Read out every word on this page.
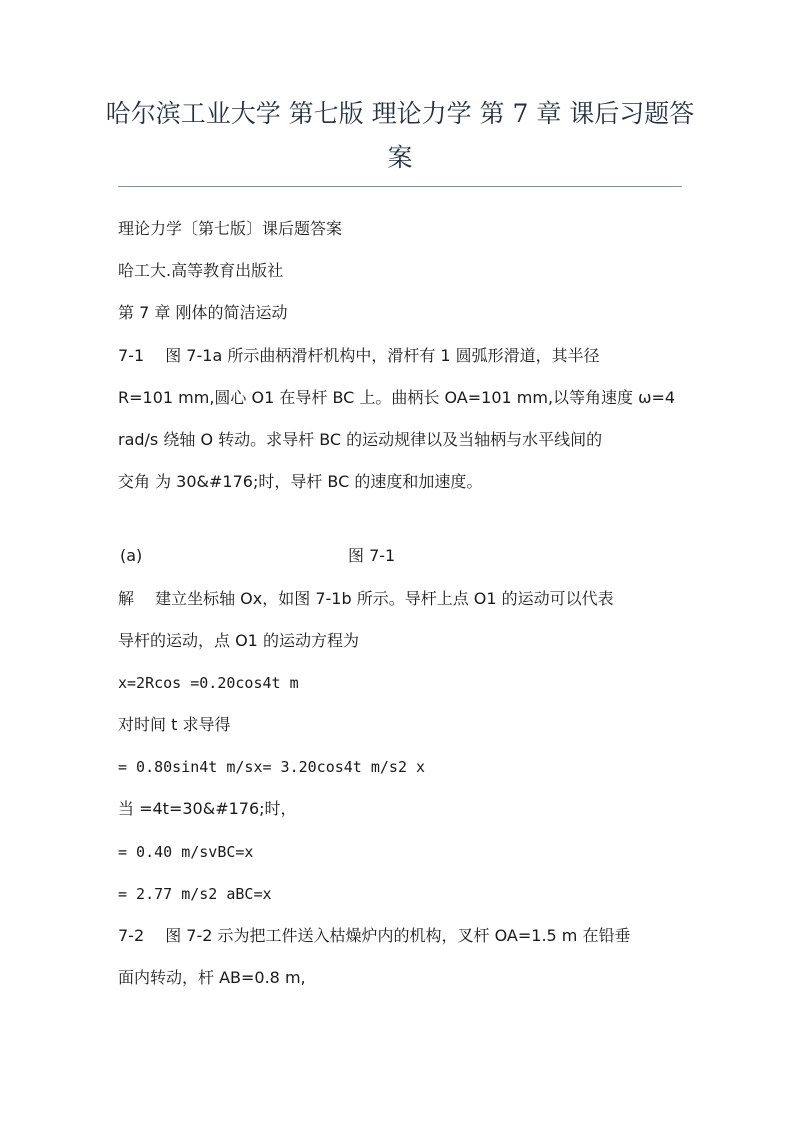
哈尔滨工业大学 第七版 理论力学 第 7 章 课后习题答案
理论力学〔第七版〕课后题答案
哈工大.高等教育出版社
第 7 章 刚体的简洁运动
7-1　 图 7-1a 所示曲柄滑杆机构中，滑杆有 1 圆弧形滑道，其半径
R=101 mm,圆心 O1 在导杆 BC 上。曲柄长 OA=101 mm,以等角速度 ω=4
rad/s 绕轴 O 转动。求导杆 BC 的运动规律以及当轴柄与水平线间的
交角 为 30&#176;时，导杆 BC 的速度和加速度。
(a)	图 7-1
解　 建立坐标轴 Ox，如图 7-1b 所示。导杆上点 O1 的运动可以代表
导杆的运动，点 O1 的运动方程为
x=2Rcos =0.20cos4t m
对时间 t 求导得
= 0.80sin4t m/sx= 3.20cos4t m/s2 x
当 =4t=30&#176;时，
= 0.40 m/svBC=x
= 2.77 m/s2 aBC=x
7-2　 图 7-2 示为把工件送入枯燥炉内的机构，叉杆 OA=1.5 m 在铅垂
面内转动，杆 AB=0.8 m,
